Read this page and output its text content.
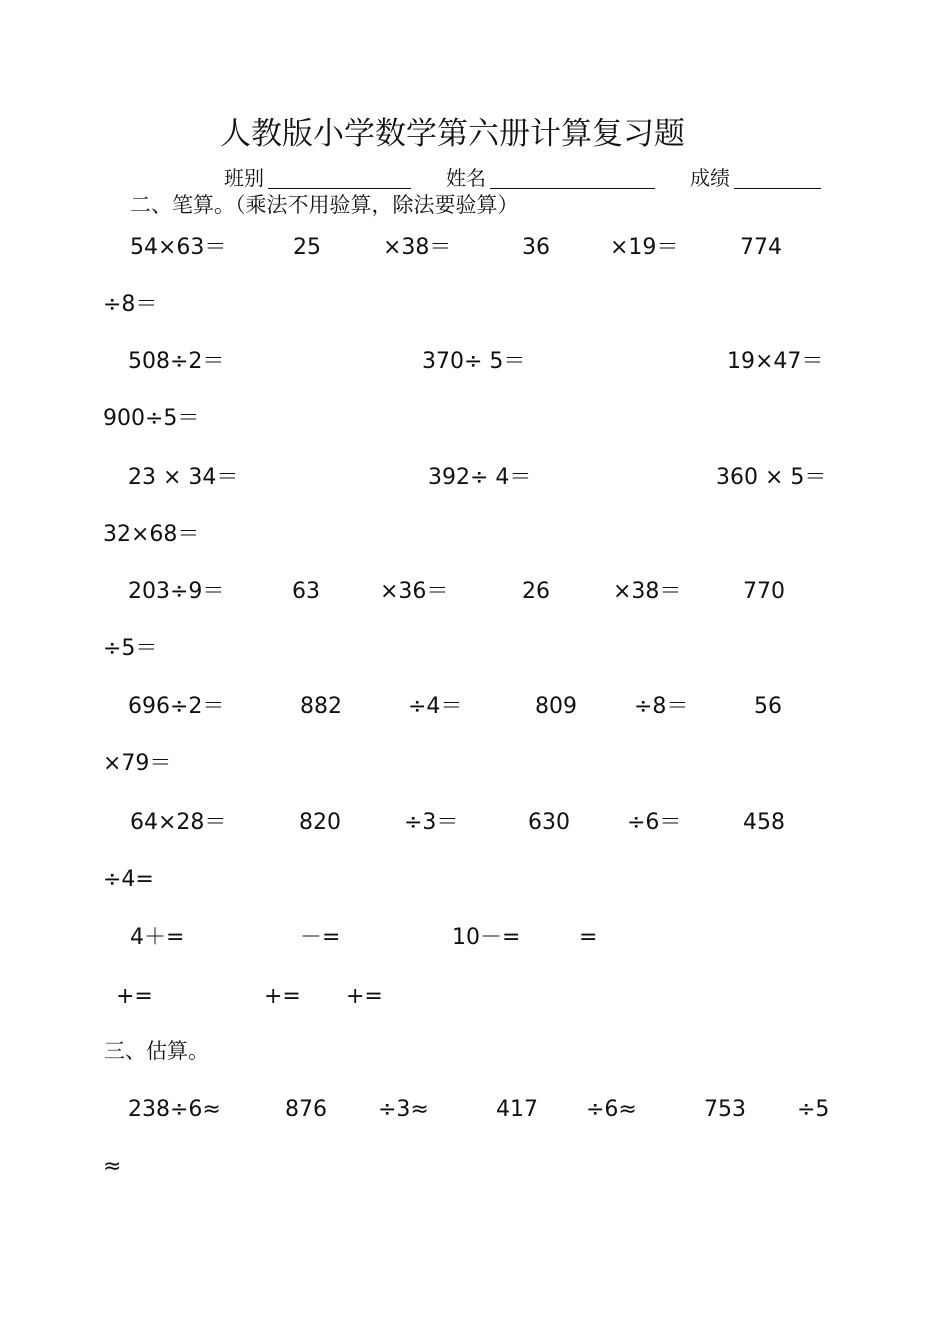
人教版小学数学第六册计算复习题
班别	姓名	成绩
二、笔算。（乘法不用验算，除法要验算）
54×63＝	25	×38＝	36	×19＝	774
÷8＝
508÷2＝	370÷ 5＝	19×47＝
900÷5＝
23 × 34＝	392÷ 4＝	360 × 5＝
32×68＝
203÷9＝	63	×36＝	26	×38＝	770
÷5＝
696÷2＝	882	÷4＝	809	÷8＝	56
×79＝
64×28＝	820	÷3＝	630	÷6＝	458
÷4=
4＋=	－=	10－=	=
+=	+= +=
三、估算。
238÷6≈	876 ÷3≈	417 ÷6≈	753 ÷5
≈
